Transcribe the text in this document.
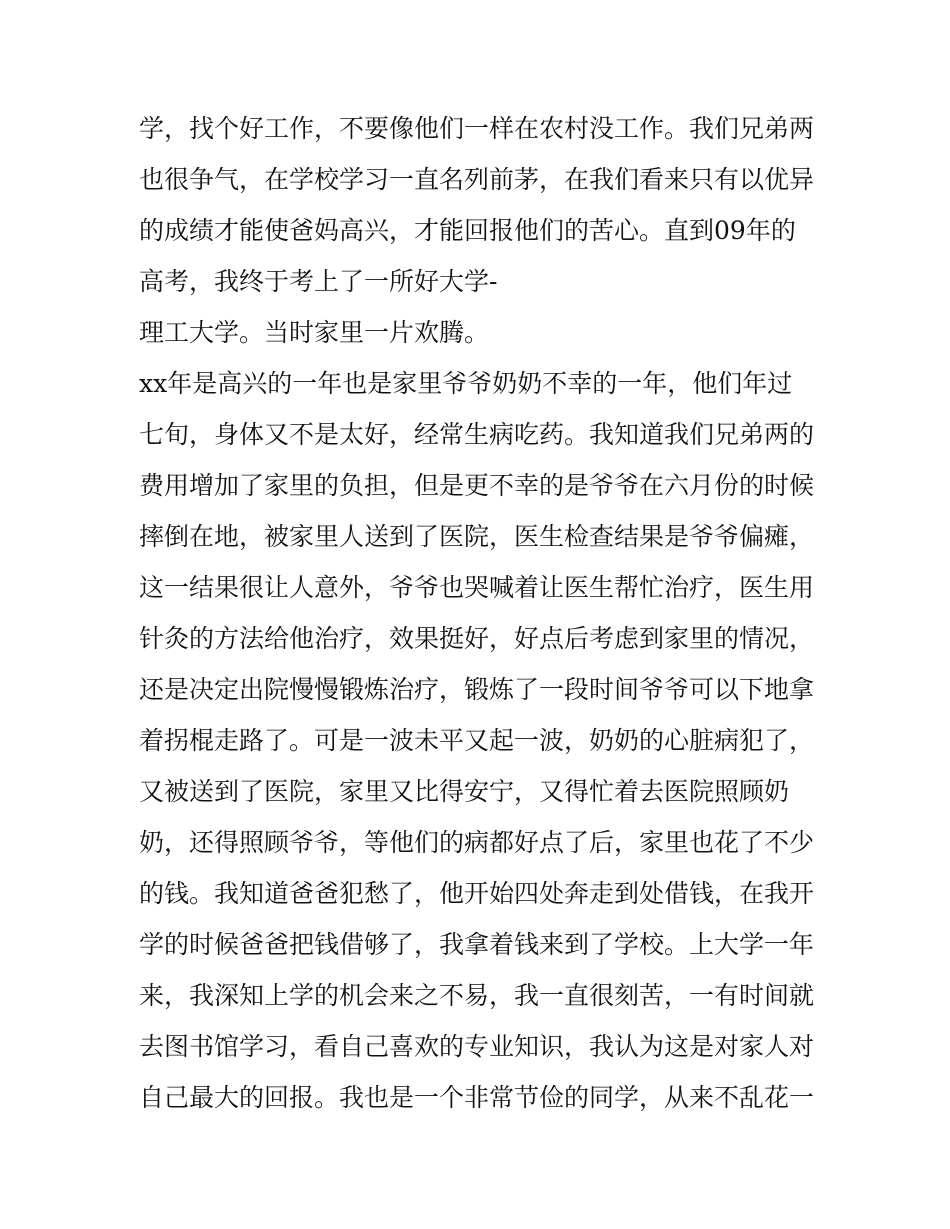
学，找个好工作，不要像他们一样在农村没工作。我们兄弟两

也很争气，在学校学习一直名列前茅，在我们看来只有以优异

的成绩才能使爸妈高兴，才能回报他们的苦心。直到09年的

高考，我终于考上了一所好大学-

理工大学。当时家里一片欢腾。

xx年是高兴的一年也是家里爷爷奶奶不幸的一年，他们年过

七旬，身体又不是太好，经常生病吃药。我知道我们兄弟两的

费用增加了家里的负担，但是更不幸的是爷爷在六月份的时候

摔倒在地，被家里人送到了医院，医生检查结果是爷爷偏瘫，

这一结果很让人意外，爷爷也哭喊着让医生帮忙治疗，医生用

针灸的方法给他治疗，效果挺好，好点后考虑到家里的情况，

还是决定出院慢慢锻炼治疗，锻炼了一段时间爷爷可以下地拿

着拐棍走路了。可是一波未平又起一波，奶奶的心脏病犯了，

又被送到了医院，家里又比得安宁，又得忙着去医院照顾奶

奶，还得照顾爷爷，等他们的病都好点了后，家里也花了不少

的钱。我知道爸爸犯愁了，他开始四处奔走到处借钱，在我开

学的时候爸爸把钱借够了，我拿着钱来到了学校。上大学一年

来，我深知上学的机会来之不易，我一直很刻苦，一有时间就

去图书馆学习，看自己喜欢的专业知识，我认为这是对家人对

自己最大的回报。我也是一个非常节俭的同学，从来不乱花一
